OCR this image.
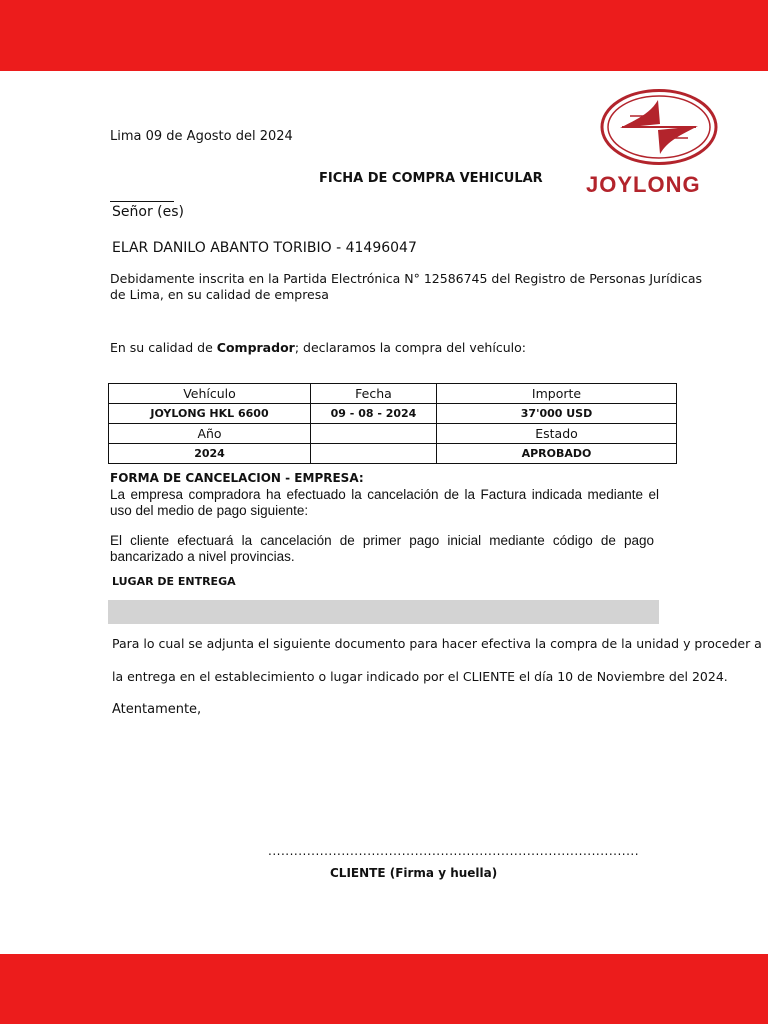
JOYLONG
Lima 09 de Agosto del 2024
FICHA DE COMPRA VEHICULAR
Señor (es)
ELAR DANILO ABANTO TORIBIO - 41496047
Debidamente inscrita en la Partida Electrónica N° 12586745 del Registro de Personas Jurídicas
de Lima, en su calidad de empresa
En su calidad de Comprador; declaramos la compra del vehículo:
Vehículo	Fecha	Importe
JOYLONG HKL 6600	09 - 08 - 2024	37'000 USD
Año		Estado
2024		APROBADO
FORMA DE CANCELACION - EMPRESA:
La empresa compradora ha efectuado la cancelación de la Factura indicada mediante el uso del medio de pago siguiente:
El cliente efectuará la cancelación de primer pago inicial mediante código de pago bancarizado a nivel provincias.
LUGAR DE ENTREGA
Para lo cual se adjunta el siguiente documento para hacer efectiva la compra de la unidad y proceder a
la entrega en el establecimiento o lugar indicado por el CLIENTE el día 10 de Noviembre del 2024.
Atentamente,
......................................................................................
CLIENTE (Firma y huella)
